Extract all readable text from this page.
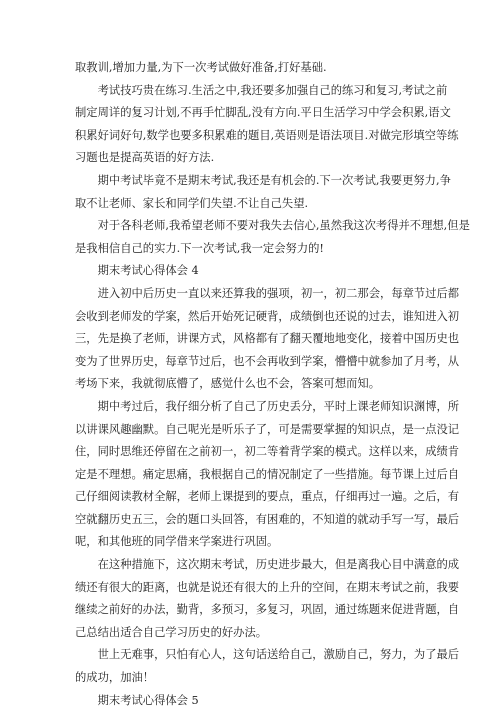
取教训,增加力量,为下一次考试做好准备,打好基础.
考试技巧贵在练习.生活之中,我还要多加强自己的练习和复习,考试之前
制定周详的复习计划,不再手忙脚乱,没有方向.平日生活学习中学会积累,语文
积累好词好句,数学也要多积累难的题目,英语则是语法项目.对做完形填空等练
习题也是提高英语的好方法.
期中考试毕竟不是期末考试,我还是有机会的.下一次考试,我要更努力,争
取不让老师、家长和同学们失望.不让自己失望.
对于各科老师,我希望老师不要对我失去信心,虽然我这次考得并不理想,但是
是我相信自己的实力.下一次考试,我一定会努力的!
期末考试心得体会 4
进入初中后历史一直以来还算我的强项，初一，初二那会，每章节过后都
会收到老师发的学案，然后开始死记硬背，成绩倒也还说的过去，谁知进入初
三，先是换了老师，讲课方式，风格都有了翻天覆地地变化，接着中国历史也
变为了世界历史，每章节过后，也不会再收到学案，懵懵中就参加了月考，从
考场下来，我就彻底懵了，感觉什么也不会，答案可想而知。
期中考过后，我仔细分析了自己了历史丢分，平时上课老师知识渊博，所
以讲课风趣幽默。自己呢光是听乐子了，可是需要掌握的知识点，是一点没记
住，同时思维还停留在之前初一，初二等着背学案的模式。这样以来，成绩肯
定是不理想。痛定思痛，我根据自己的情况制定了一些措施。每节课上过后自
己仔细阅读教材全解，老师上课提到的要点，重点，仔细再过一遍。之后，有
空就翻历史五三，会的题口头回答，有困难的，不知道的就动手写一写，最后
呢，和其他班的同学借来学案进行巩固。
在这种措施下，这次期末考试，历史进步最大，但是离我心目中满意的成
绩还有很大的距离，也就是说还有很大的上升的空间，在期末考试之前，我要
继续之前好的办法，勤背，多预习，多复习，巩固，通过练题来促进背题，自
己总结出适合自己学习历史的好办法。
世上无难事，只怕有心人，这句话送给自己，激励自己，努力，为了最后
的成功，加油！
期末考试心得体会 5
